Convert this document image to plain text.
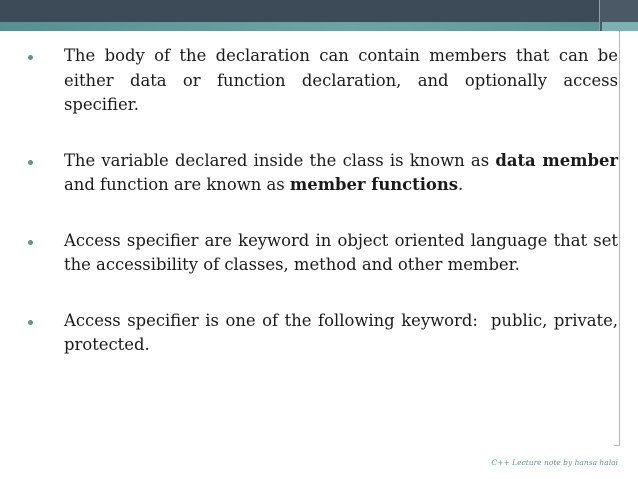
The body of the declaration can contain members that can be either data or function declaration, and optionally access specifier.
The variable declared inside the class is known as data member and function are known as member functions.
Access specifier are keyword in object oriented language that set the accessibility of classes, method and other member.
Access specifier is one of the following keyword:  public, private, protected.
C++ Lecture note by hansa halai
